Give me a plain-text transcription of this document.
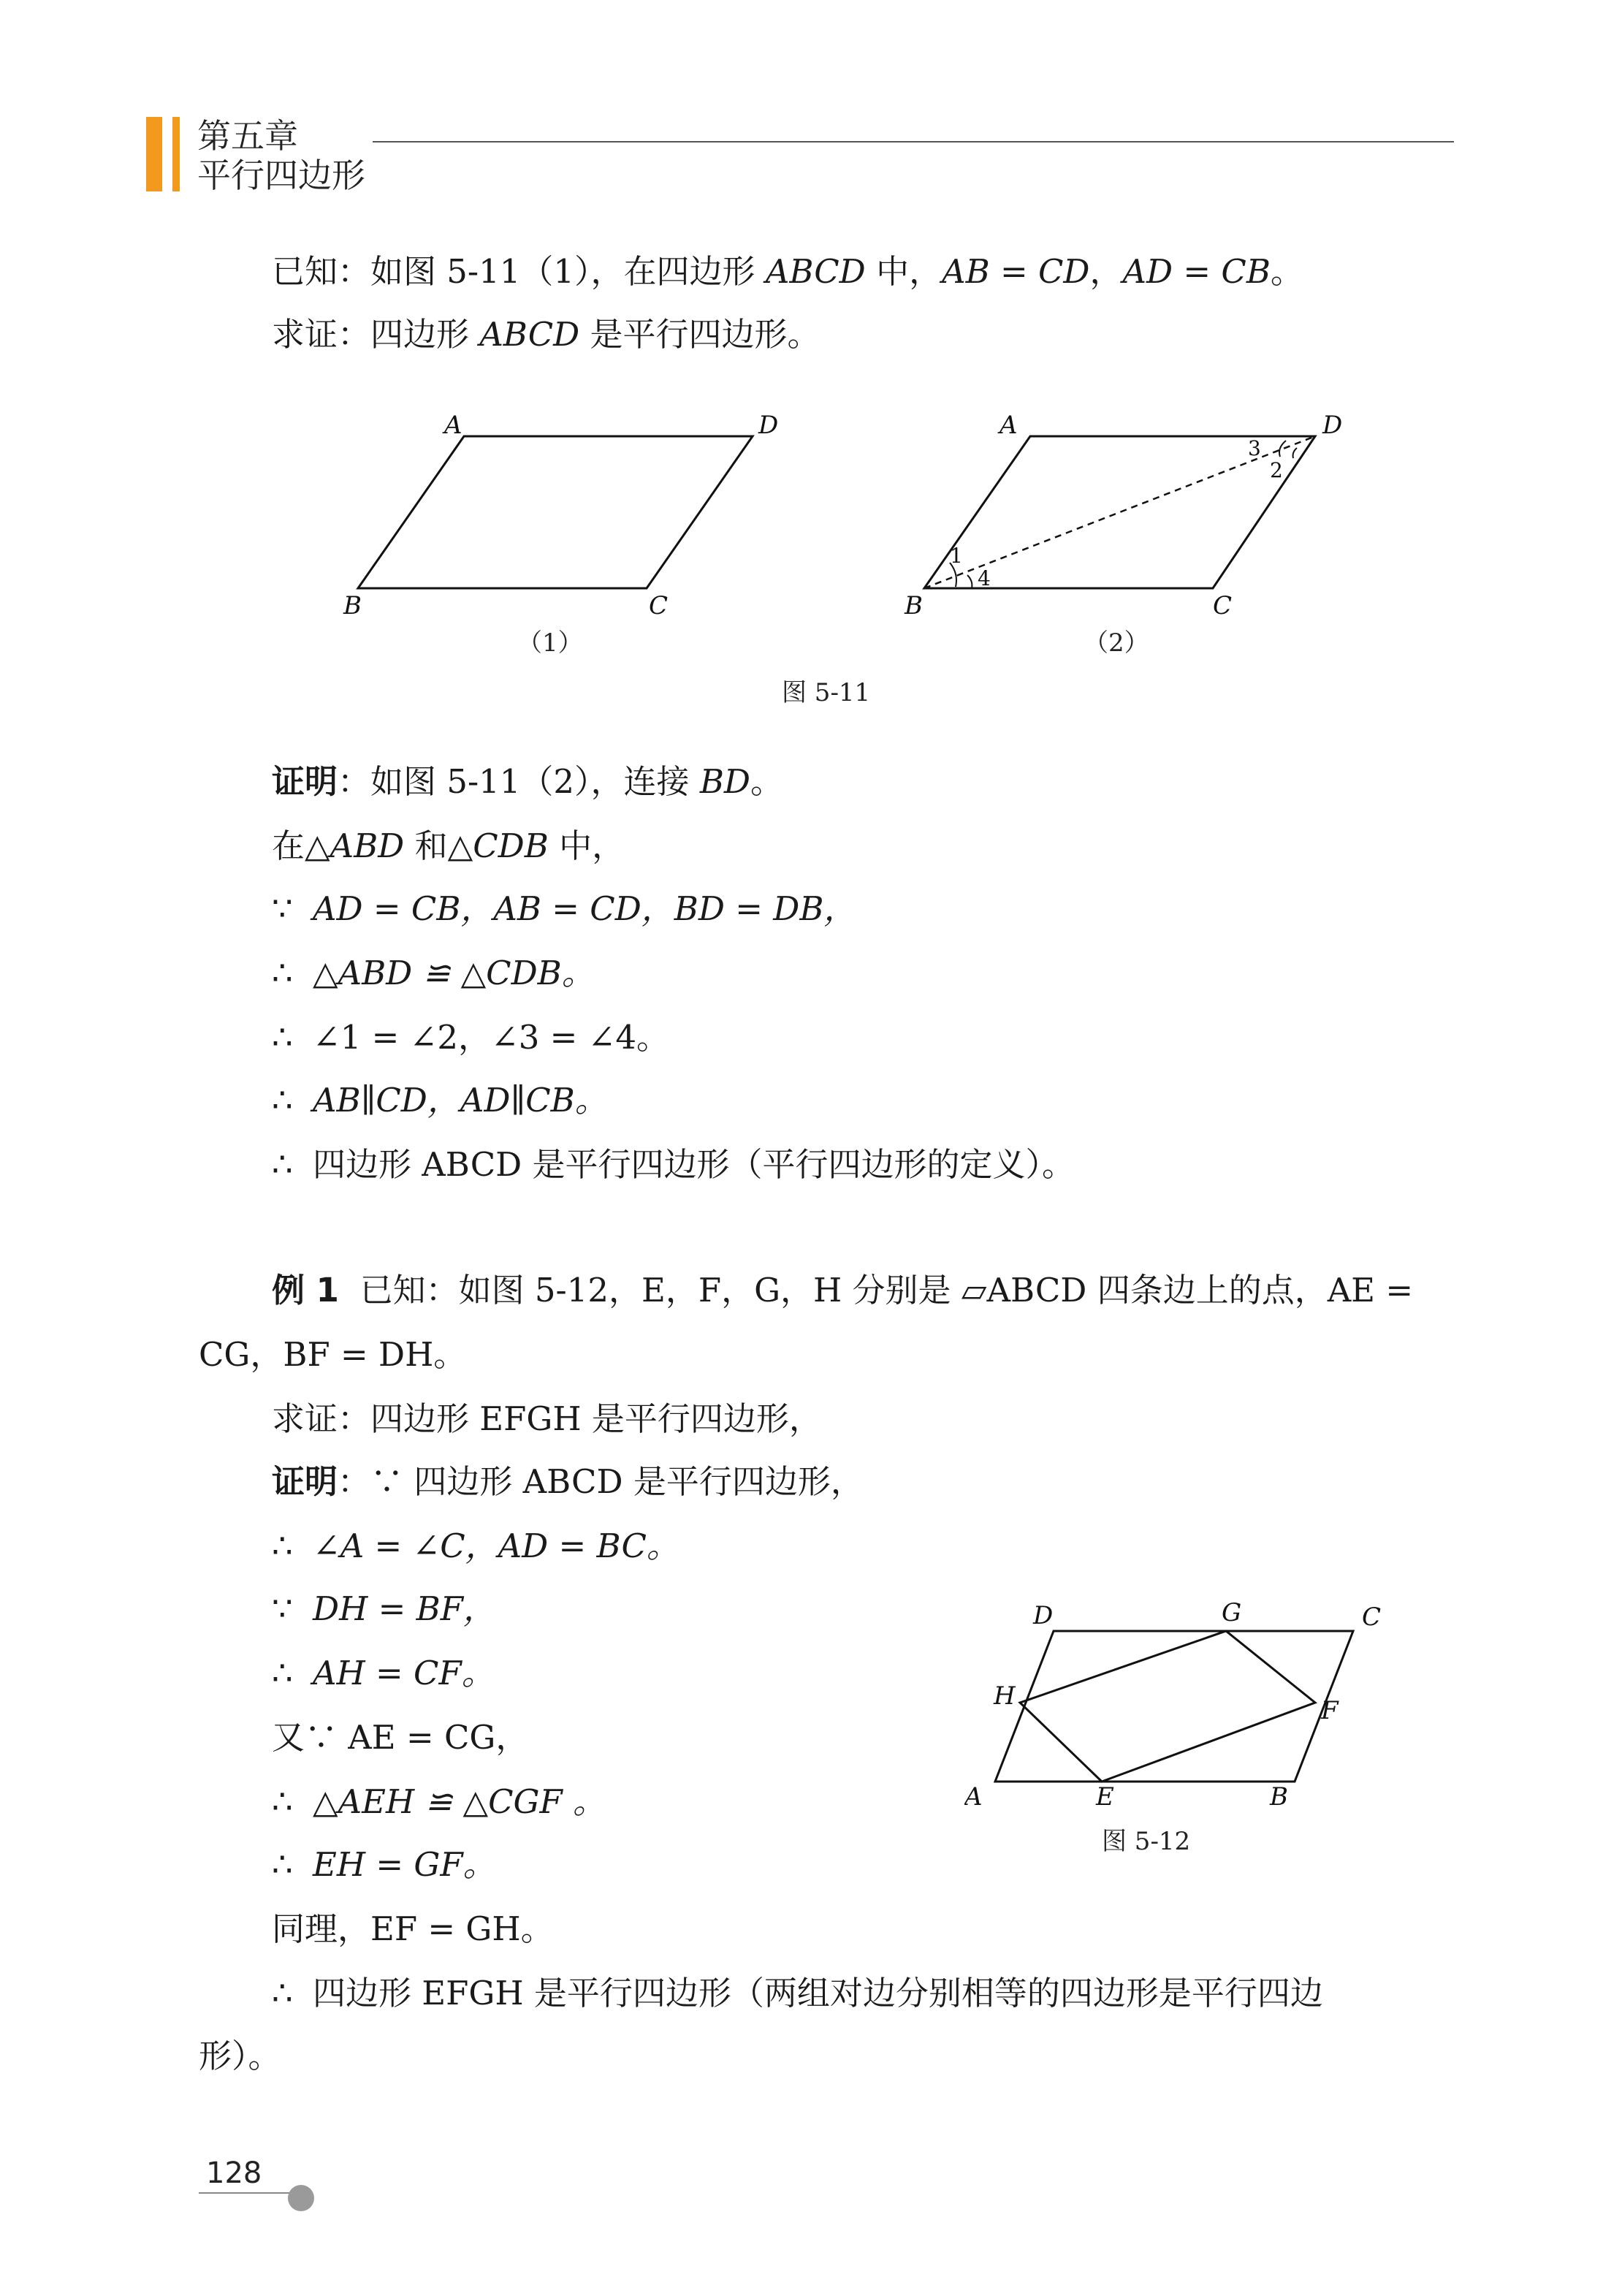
第五章
平行四边形
已知：如图 5-11（1），在四边形 ABCD 中，AB = CD，AD = CB。
求证：四边形 ABCD 是平行四边形。
A	D
B	C
（1）
A	D
B	C
1
4
3
2
（2）
图 5-11
证明：如图 5-11（2），连接 BD。
在△ABD 和△CDB 中，
∵ AD = CB，AB = CD，BD = DB，
∴ △ABD ≌ △CDB。
∴ ∠1 = ∠2，∠3 = ∠4。
∴ AB∥CD，AD∥CB。
∴ 四边形 ABCD 是平行四边形（平行四边形的定义）。
例 1 已知：如图 5-12，E，F，G，H 分别是 ▱ABCD 四条边上的点，AE =
CG，BF = DH。
求证：四边形 EFGH 是平行四边形，
证明：∵ 四边形 ABCD 是平行四边形，
∴ ∠A = ∠C，AD = BC。
∵ DH = BF，
∴ AH = CF。
又∵ AE = CG，
∴ △AEH ≌ △CGF 。
∴ EH = GF。
同理，EF = GH。
∴ 四边形 EFGH 是平行四边形（两组对边分别相等的四边形是平行四边
形）。
D	G	C
H	F
A	E	B
图 5-12
128
